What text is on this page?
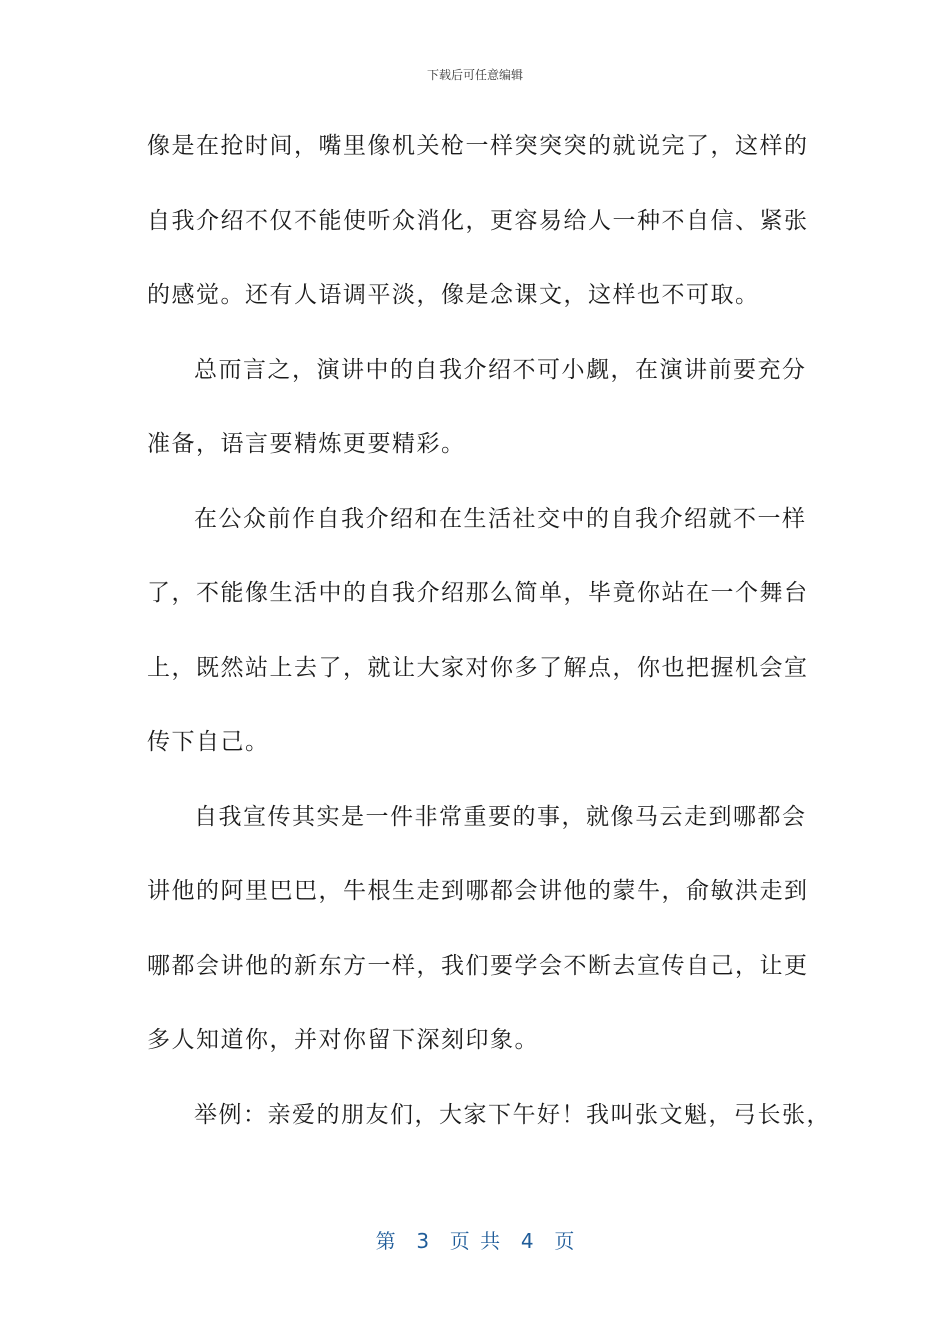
下载后可任意编辑
像是在抢时间，嘴里像机关枪一样突突突的就说完了，这样的
自我介绍不仅不能使听众消化，更容易给人一种不自信、紧张
的感觉。还有人语调平淡，像是念课文，这样也不可取。
总而言之，演讲中的自我介绍不可小觑，在演讲前要充分
准备，语言要精炼更要精彩。
在公众前作自我介绍和在生活社交中的自我介绍就不一样
了，不能像生活中的自我介绍那么简单，毕竟你站在一个舞台
上，既然站上去了，就让大家对你多了解点，你也把握机会宣
传下自己。
自我宣传其实是一件非常重要的事，就像马云走到哪都会
讲他的阿里巴巴，牛根生走到哪都会讲他的蒙牛，俞敏洪走到
哪都会讲他的新东方一样，我们要学会不断去宣传自己，让更
多人知道你，并对你留下深刻印象。
举例：亲爱的朋友们，大家下午好！我叫张文魁，弓长张，
第  3  页 共  4  页
